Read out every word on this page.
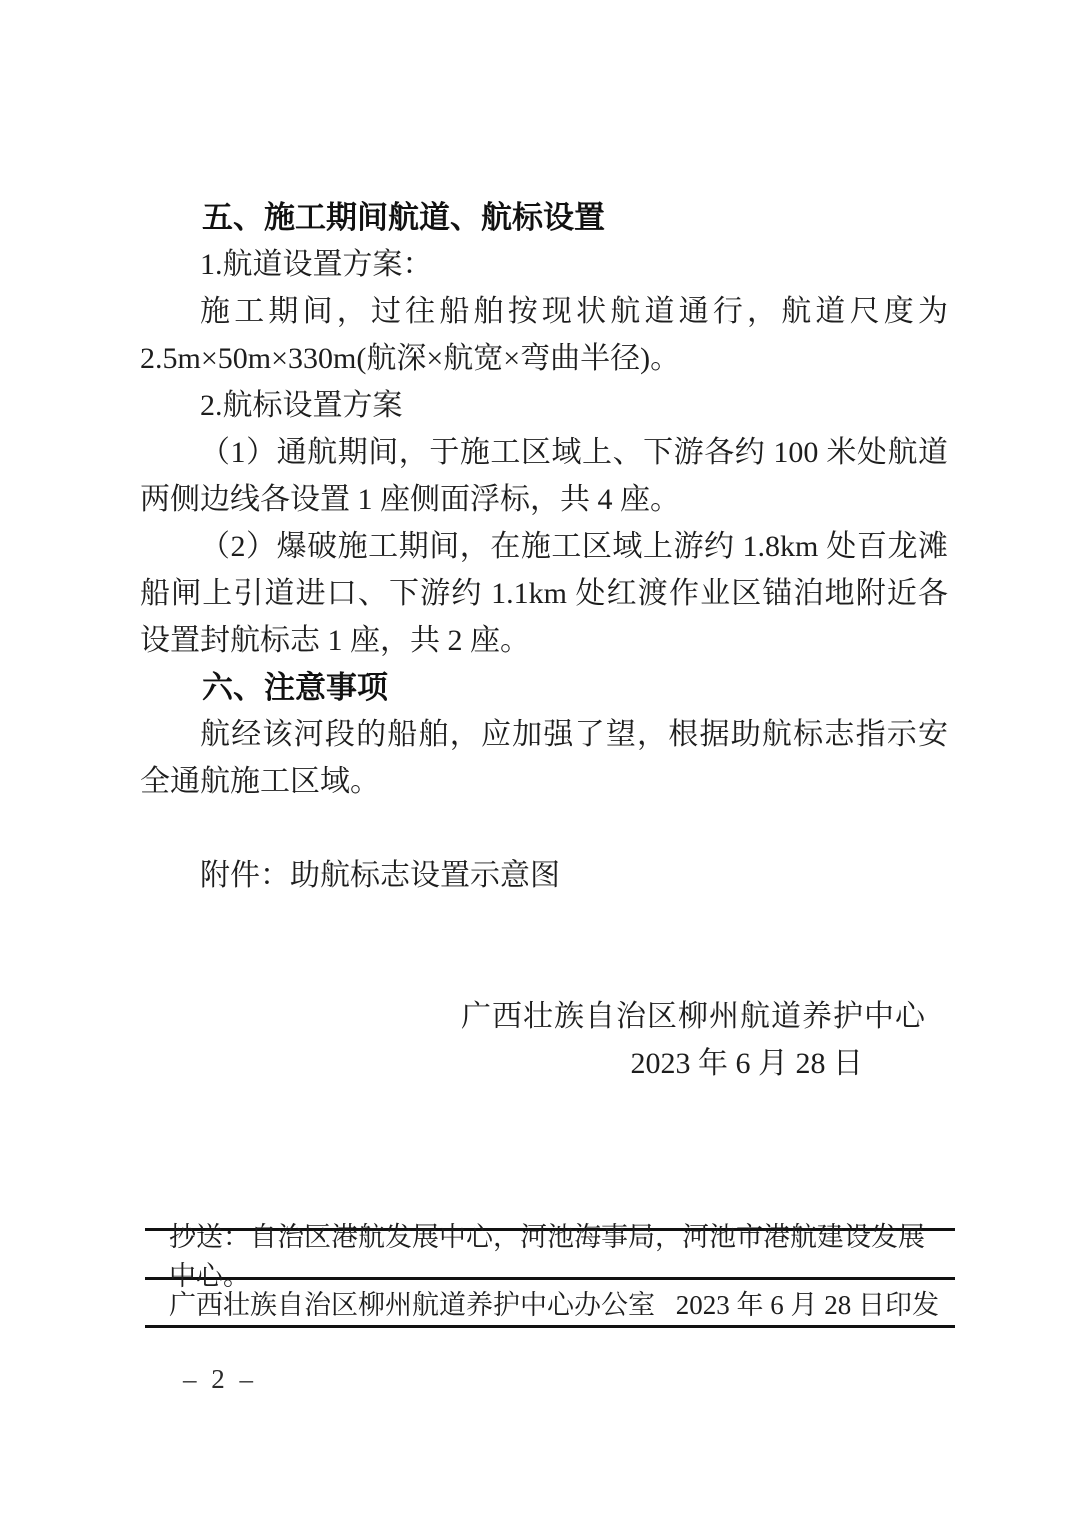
五、施工期间航道、航标设置
1.航道设置方案：
施工期间，过往船舶按现状航道通行，航道尺度为2.5m×50m×330m(航深×航宽×弯曲半径)。
2.航标设置方案
（1）通航期间，于施工区域上、下游各约 100 米处航道两侧边线各设置 1 座侧面浮标，共 4 座。
（2）爆破施工期间，在施工区域上游约 1.8km 处百龙滩船闸上引道进口、下游约 1.1km 处红渡作业区锚泊地附近各设置封航标志 1 座，共 2 座。
六、注意事项
航经该河段的船舶，应加强了望，根据助航标志指示安全通航施工区域。
附件：助航标志设置示意图
广西壮族自治区柳州航道养护中心
2023 年 6 月 28 日
抄送：自治区港航发展中心，河池海事局，河池市港航建设发展中心。
广西壮族自治区柳州航道养护中心办公室 2023 年 6 月 28 日印发
– 2 –
